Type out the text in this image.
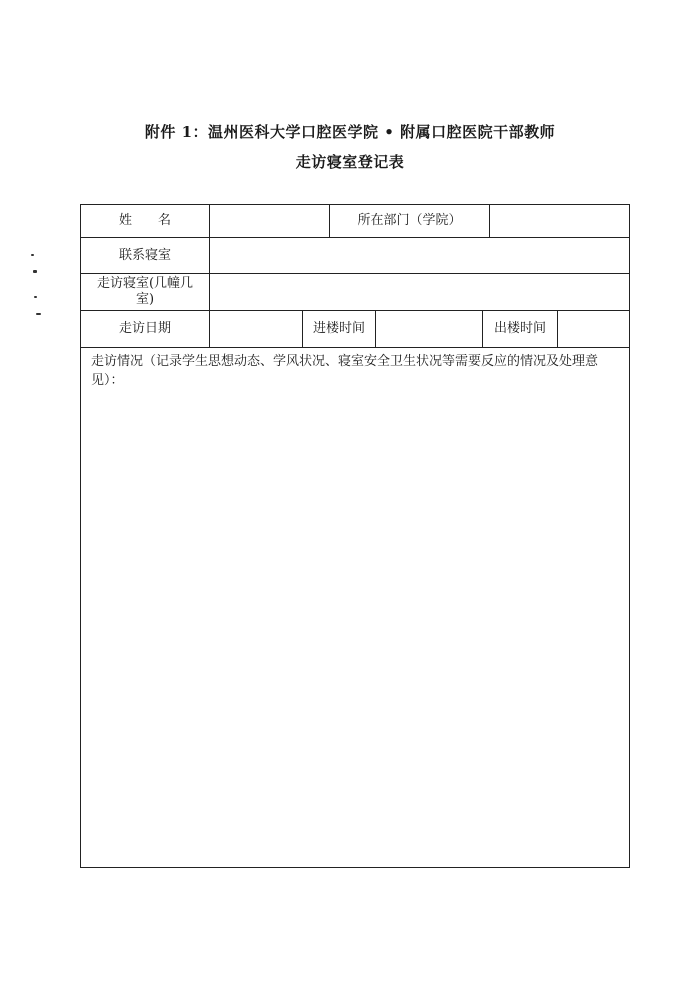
附件 1：温州医科大学口腔医学院 • 附属口腔医院干部教师
走访寝室登记表
姓　　名	所在部门（学院）
联系寝室
走访寝室(几幢几室)
走访日期	进楼时间	出楼时间
走访情况（记录学生思想动态、学风状况、寝室安全卫生状况等需要反应的情况及处理意见）：
